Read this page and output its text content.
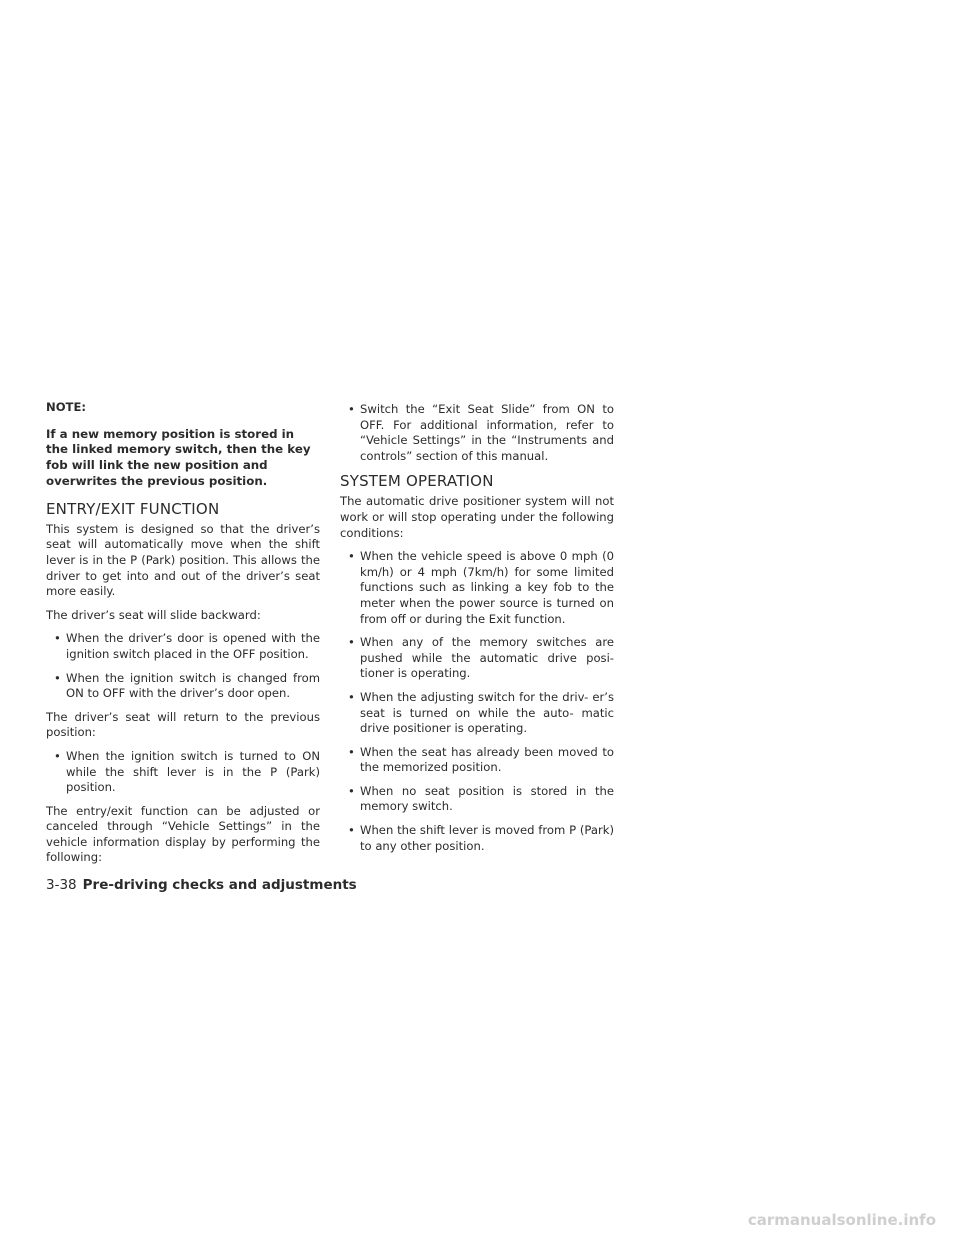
NOTE:

If a new memory position is stored in the linked memory switch, then the key fob will link the new position and overwrites the previous position.

ENTRY/EXIT FUNCTION

This system is designed so that the driver’s seat will automatically move when the shift lever is in the P (Park) position. This allows the driver to get into and out of the driver’s seat more easily.

The driver’s seat will slide backward:

• When the driver’s door is opened with the ignition switch placed in the OFF position.
• When the ignition switch is changed from ON to OFF with the driver’s door open.

The driver’s seat will return to the previous position:

• When the ignition switch is turned to ON while the shift lever is in the P (Park) position.

The entry/exit function can be adjusted or canceled through “Vehicle Settings” in the vehicle information display by performing the following:

• Switch the “Exit Seat Slide” from ON to OFF. For additional information, refer to “Vehicle Settings” in the “Instruments and controls” section of this manual.
SYSTEM OPERATION

The automatic drive positioner system will not work or will stop operating under the following conditions:

• When the vehicle speed is above 0 mph (0 km/h) or 4 mph (7km/h) for some limited functions such as linking a key fob to the meter when the power source is turned on from off or during the Exit function.
• When any of the memory switches are pushed while the automatic drive posi- tioner is operating.
• When the adjusting switch for the driv- er’s seat is turned on while the auto- matic drive positioner is operating.
• When the seat has already been moved to the memorized position.
• When no seat position is stored in the memory switch.
• When the shift lever is moved from P (Park) to any other position.
3-38 Pre-driving checks and adjustments
carmanualsonline.info
